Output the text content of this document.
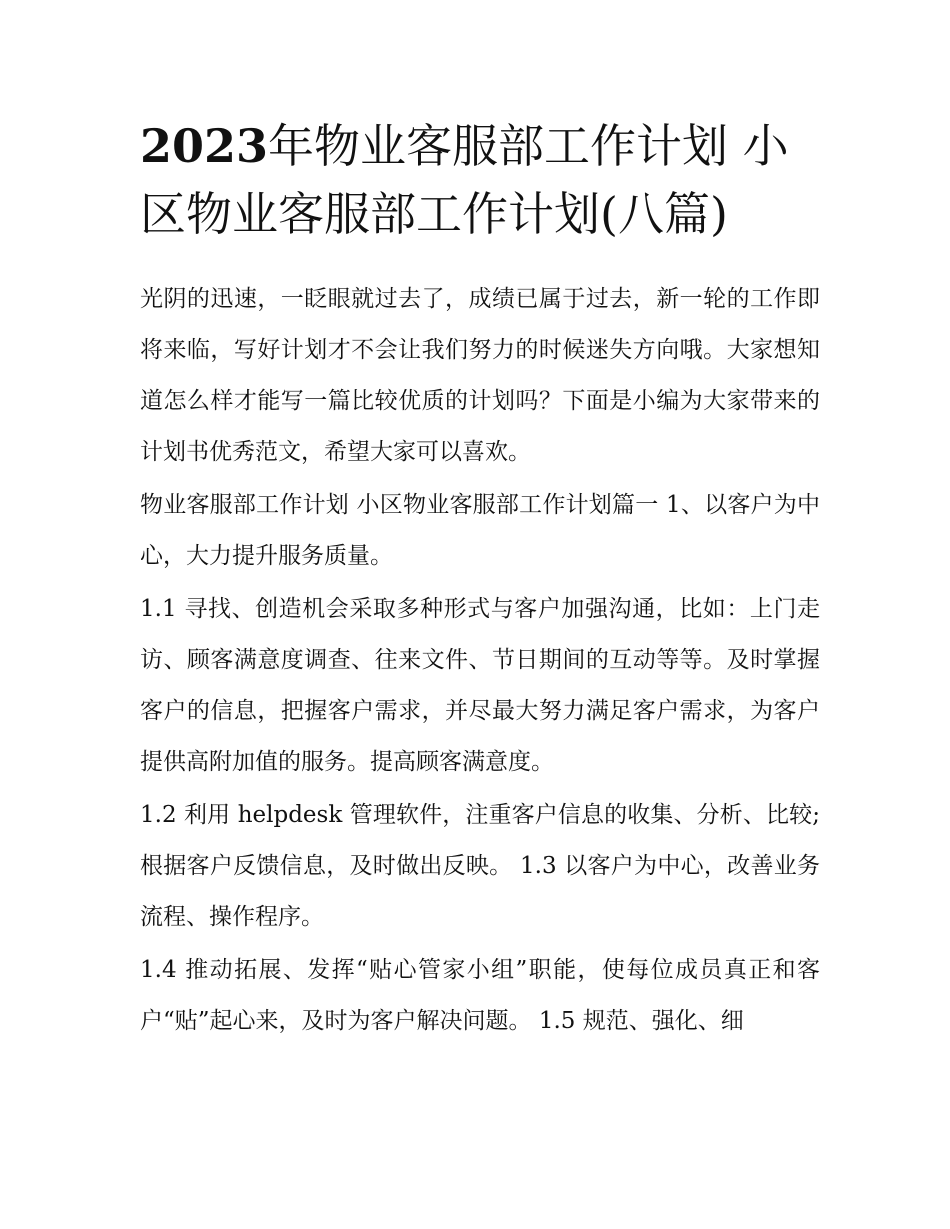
2023年物业客服部工作计划 小区物业客服部工作计划(八篇)

光阴的迅速，一眨眼就过去了，成绩已属于过去，新一轮的工作即将来临，写好计划才不会让我们努力的时候迷失方向哦。大家想知道怎么样才能写一篇比较优质的计划吗？下面是小编为大家带来的计划书优秀范文，希望大家可以喜欢。

物业客服部工作计划 小区物业客服部工作计划篇一 1、以客户为中心，大力提升服务质量。

1.1 寻找、创造机会采取多种形式与客户加强沟通，比如：上门走访、顾客满意度调查、往来文件、节日期间的互动等等。及时掌握客户的信息，把握客户需求，并尽最大努力满足客户需求，为客户提供高附加值的服务。提高顾客满意度。

1.2 利用 helpdesk 管理软件，注重客户信息的收集、分析、比较;根据客户反馈信息，及时做出反映。 1.3 以客户为中心，改善业务流程、操作程序。

1.4 推动拓展、发挥“贴心管家小组”职能，使每位成员真正和客户“贴”起心来，及时为客户解决问题。 1.5 规范、强化、细
